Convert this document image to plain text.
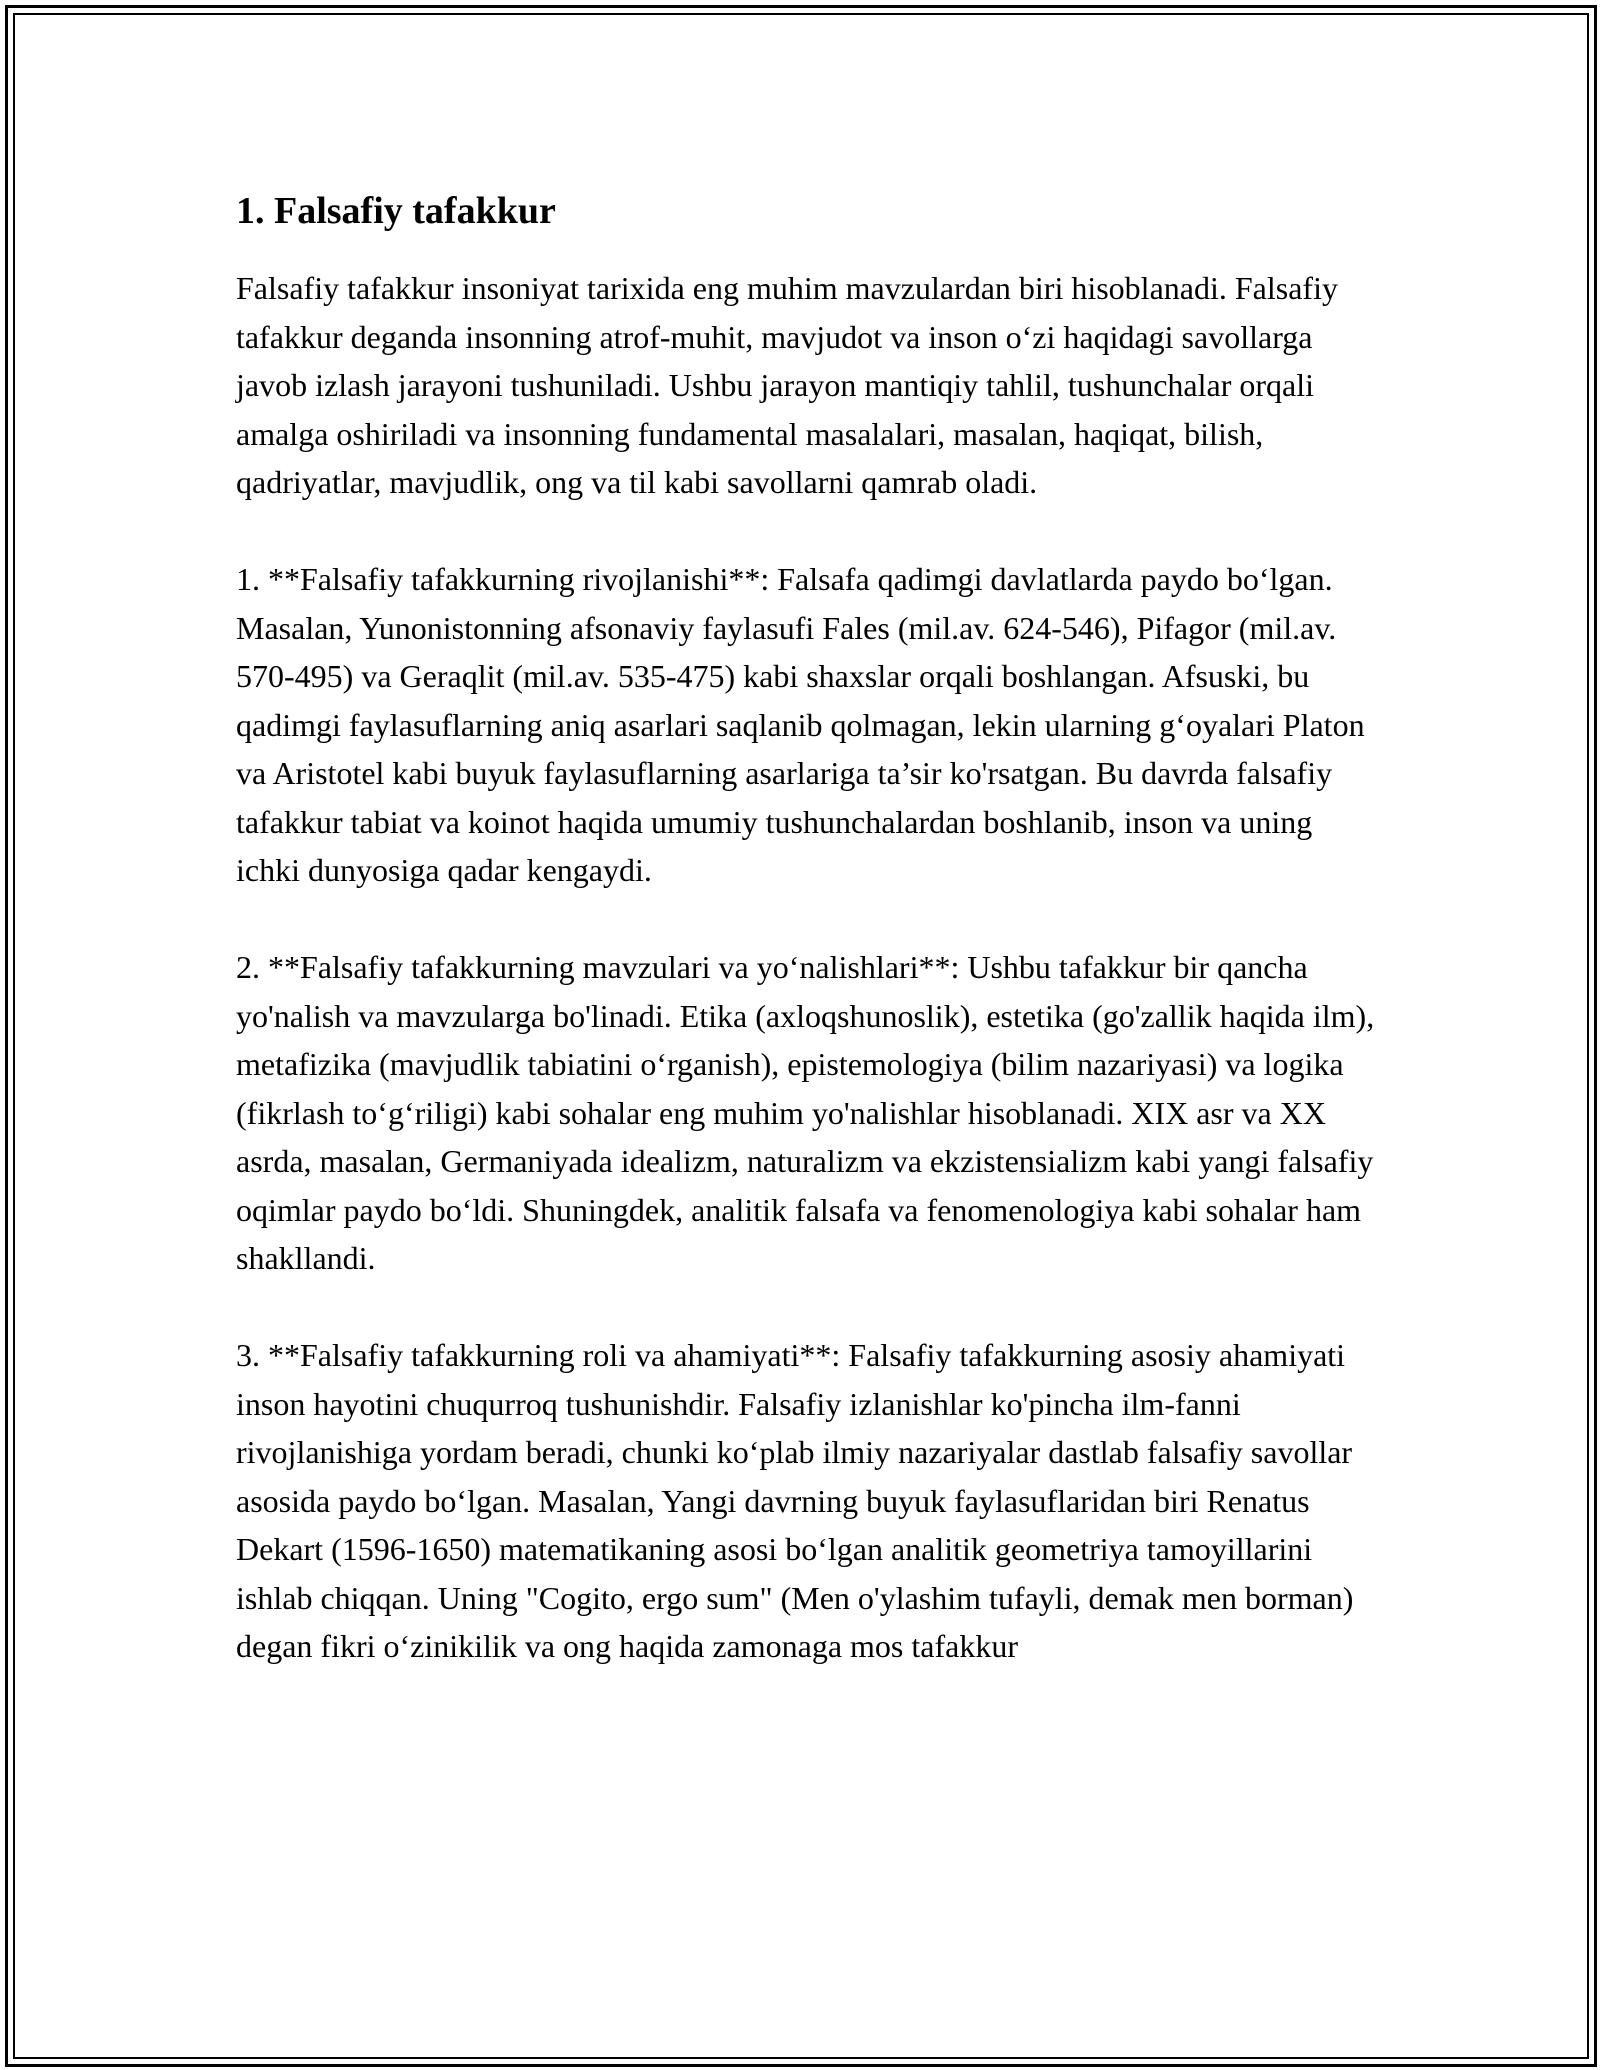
1. Falsafiy tafakkur

Falsafiy tafakkur insoniyat tarixida eng muhim mavzulardan biri hisoblanadi. Falsafiy tafakkur deganda insonning atrof-muhit, mavjudot va inson o‘zi haqidagi savollarga javob izlash jarayoni tushuniladi. Ushbu jarayon mantiqiy tahlil, tushunchalar orqali amalga oshiriladi va insonning fundamental masalalari, masalan, haqiqat, bilish, qadriyatlar, mavjudlik, ong va til kabi savollarni qamrab oladi.

1. **Falsafiy tafakkurning rivojlanishi**: Falsafa qadimgi davlatlarda paydo bo‘lgan. Masalan, Yunonistonning afsonaviy faylasufi Fales (mil.av. 624-546), Pifagor (mil.av. 570-495) va Geraqlit (mil.av. 535-475) kabi shaxslar orqali boshlangan. Afsuski, bu qadimgi faylasuflarning aniq asarlari saqlanib qolmagan, lekin ularning g‘oyalari Platon va Aristotel kabi buyuk faylasuflarning asarlariga ta’sir ko'rsatgan. Bu davrda falsafiy tafakkur tabiat va koinot haqida umumiy tushunchalardan boshlanib, inson va uning ichki dunyosiga qadar kengaydi.

2. **Falsafiy tafakkurning mavzulari va yo‘nalishlari**: Ushbu tafakkur bir qancha yo'nalish va mavzularga bo'linadi. Etika (axloqshunoslik), estetika (go'zallik haqida ilm), metafizika (mavjudlik tabiatini o‘rganish), epistemologiya (bilim nazariyasi) va logika (fikrlash to‘g‘riligi) kabi sohalar eng muhim yo'nalishlar hisoblanadi. XIX asr va XX asrda, masalan, Germaniyada idealizm, naturalizm va ekzistensializm kabi yangi falsafiy oqimlar paydo bo‘ldi. Shuningdek, analitik falsafa va fenomenologiya kabi sohalar ham shakllandi.

3. **Falsafiy tafakkurning roli va ahamiyati**: Falsafiy tafakkurning asosiy ahamiyati inson hayotini chuqurroq tushunishdir. Falsafiy izlanishlar ko'pincha ilm-fanni rivojlanishiga yordam beradi, chunki ko‘plab ilmiy nazariyalar dastlab falsafiy savollar asosida paydo bo‘lgan. Masalan, Yangi davrning buyuk faylasuflaridan biri Renatus Dekart (1596-1650) matematikaning asosi bo‘lgan analitik geometriya tamoyillarini ishlab chiqqan. Uning "Cogito, ergo sum" (Men o'ylashim tufayli, demak men borman) degan fikri o‘zinikilik va ong haqida zamonaga mos tafakkur
